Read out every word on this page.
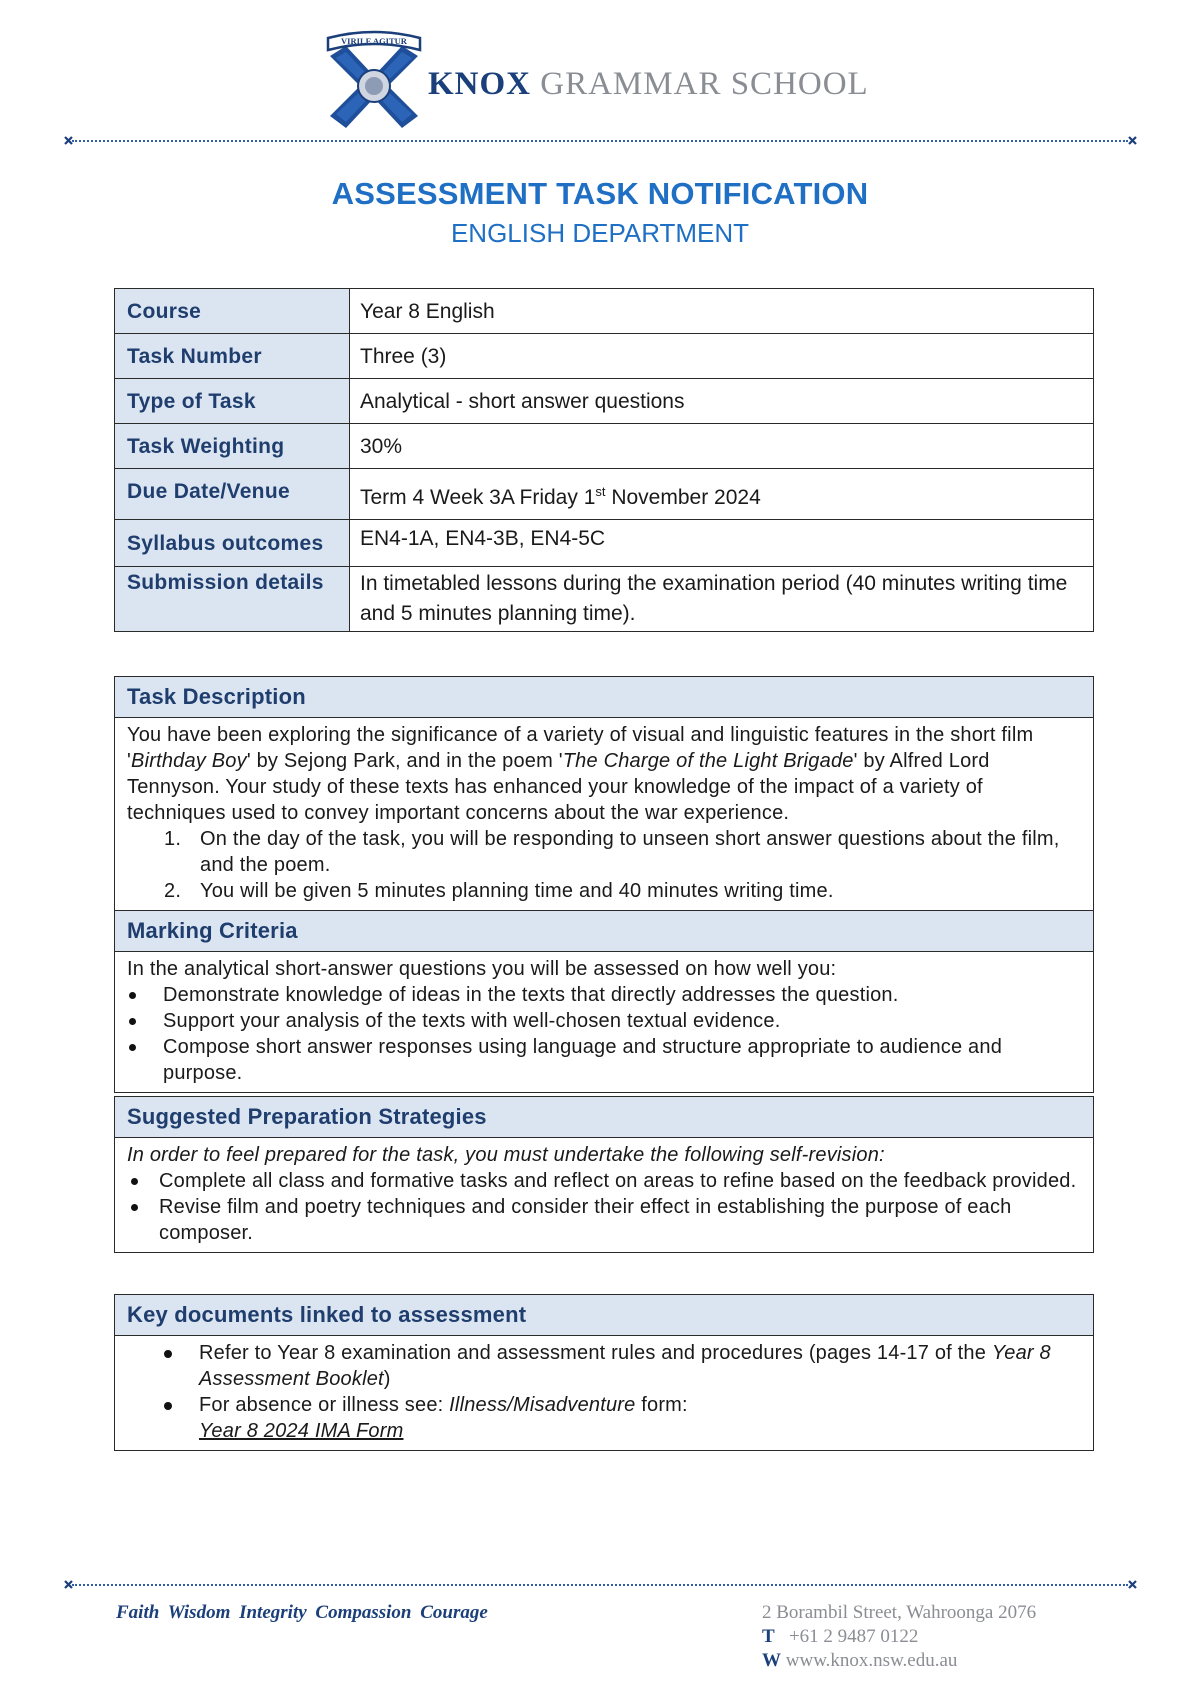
VIRILE AGITUR
KNOX GRAMMAR SCHOOL
ASSESSMENT TASK NOTIFICATION
ENGLISH DEPARTMENT
Course	Year 8 English
Task Number	Three (3)
Type of Task	Analytical - short answer questions
Task Weighting	30%
Due Date/Venue	Term 4 Week 3A Friday 1st November 2024
Syllabus outcomes	EN4-1A, EN4-3B, EN4-5C
Submission details	In timetabled lessons during the examination period (40 minutes writing time and 5 minutes planning time).
Task Description

You have been exploring the significance of a variety of visual and linguistic features in the short film 'Birthday Boy' by Sejong Park, and in the poem 'The Charge of the Light Brigade' by Alfred Lord Tennyson. Your study of these texts has enhanced your knowledge of the impact of a variety of techniques used to convey important concerns about the war experience.

1. On the day of the task, you will be responding to unseen short answer questions about the film, and the poem.
2. You will be given 5 minutes planning time and 40 minutes writing time.
Marking Criteria

In the analytical short-answer questions you will be assessed on how well you:

Demonstrate knowledge of ideas in the texts that directly addresses the question.
Support your analysis of the texts with well-chosen textual evidence.
Compose short answer responses using language and structure appropriate to audience and purpose.
Suggested Preparation Strategies

In order to feel prepared for the task, you must undertake the following self-revision:

Complete all class and formative tasks and reflect on areas to refine based on the feedback provided.
Revise film and poetry techniques and consider their effect in establishing the purpose of each composer.
Key documents linked to assessment
Refer to Year 8 examination and assessment rules and procedures (pages 14-17 of the Year 8 Assessment Booklet)
For absence or illness see: Illness/Misadventure form:
Year 8 2024 IMA Form
Faith Wisdom Integrity Compassion Courage	2 Borambil Street, Wahroonga 2076
T +61 2 9487 0122
W www.knox.nsw.edu.au
